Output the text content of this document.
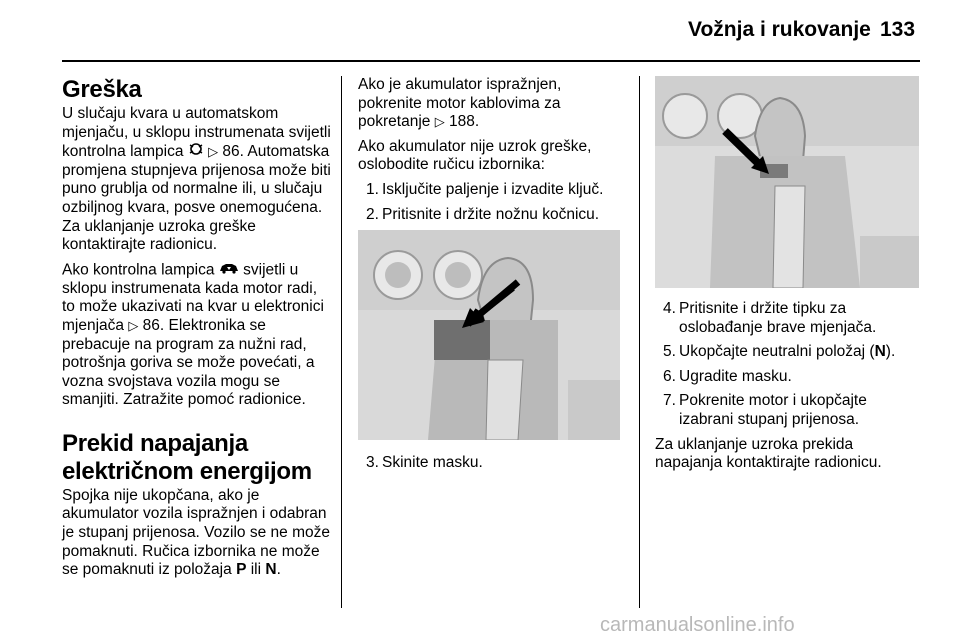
Vožnja i rukovanje 133
Greška

U slučaju kvara u automatskom mjenjaču, u sklopu instrumenata svijetli kontrolna lampica ▷ 86. Automatska promjena stupnjeva prijenosa može biti puno grublja od normalne ili, u slučaju ozbiljnog kvara, posve onemogućena. Za uklanjanje uzroka greške kontaktirajte radionicu.

Ako kontrolna lampica svijetli u sklopu instrumenata kada motor radi, to može ukazivati na kvar u elektronici mjenjača ▷ 86. Elektronika se prebacuje na program za nužni rad, potrošnja goriva se može povećati, a vozna svojstava vozila mogu se smanjiti. Zatražite pomoć radionice.

Prekid napajanja električnom energijom

Spojka nije ukopčana, ako je akumulator vozila ispražnjen i odabran je stupanj prijenosa. Vozilo se ne može pomaknuti. Ručica izbornika ne može se pomaknuti iz položaja P ili N.

Ako je akumulator ispražnjen, pokrenite motor kablovima za pokretanje ▷ 188.

Ako akumulator nije uzrok greške, oslobodite ručicu izbornika:

1. Isključite paljenje i izvadite ključ.
2. Pritisnite i držite nožnu kočnicu.
3. Skinite masku.
4. Pritisnite i držite tipku za oslobađanje brave mjenjača.
5. Ukopčajte neutralni položaj (N).
6. Ugradite masku.
7. Pokrenite motor i ukopčajte izabrani stupanj prijenosa.

Za uklanjanje uzroka prekida napajanja kontaktirajte radionicu.

carmanualsonline.info
